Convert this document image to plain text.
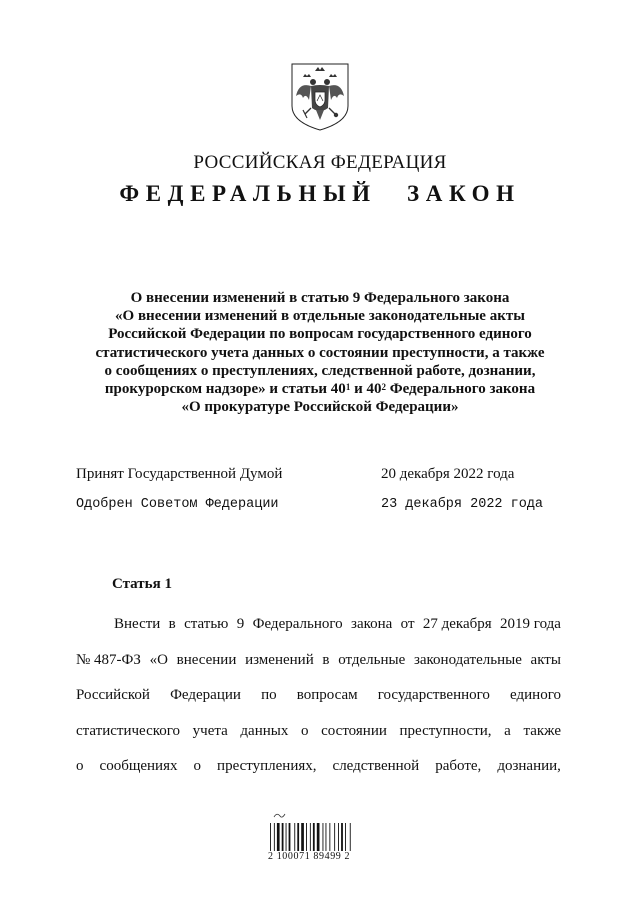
РОССИЙСКАЯ ФЕДЕРАЦИЯ
ФЕДЕРАЛЬНЫЙ ЗАКОН
О внесении изменений в статью 9 Федерального закона
«О внесении изменений в отдельные законодательные акты
Российской Федерации по вопросам государственного единого
статистического учета данных о состоянии преступности, а также
о сообщениях о преступлениях, следственной работе, дознании,
прокурорском надзоре» и статьи $40^1$ и $40^2$ Федерального закона
«О прокуратуре Российской Федерации»
Принят Государственной Думой	20 декабря 2022 года
Одобрен Советом Федерации	23 декабря 2022 года
Статья 1
Внести в статью 9 Федерального закона от 27 декабря 2019 года
№ 487-ФЗ «О внесении изменений в отдельные законодательные акты
Российской Федерации по вопросам государственного единого
статистического учета данных о состоянии преступности, а также
о сообщениях о преступлениях, следственной работе, дознании,
2 100071 89499 2
